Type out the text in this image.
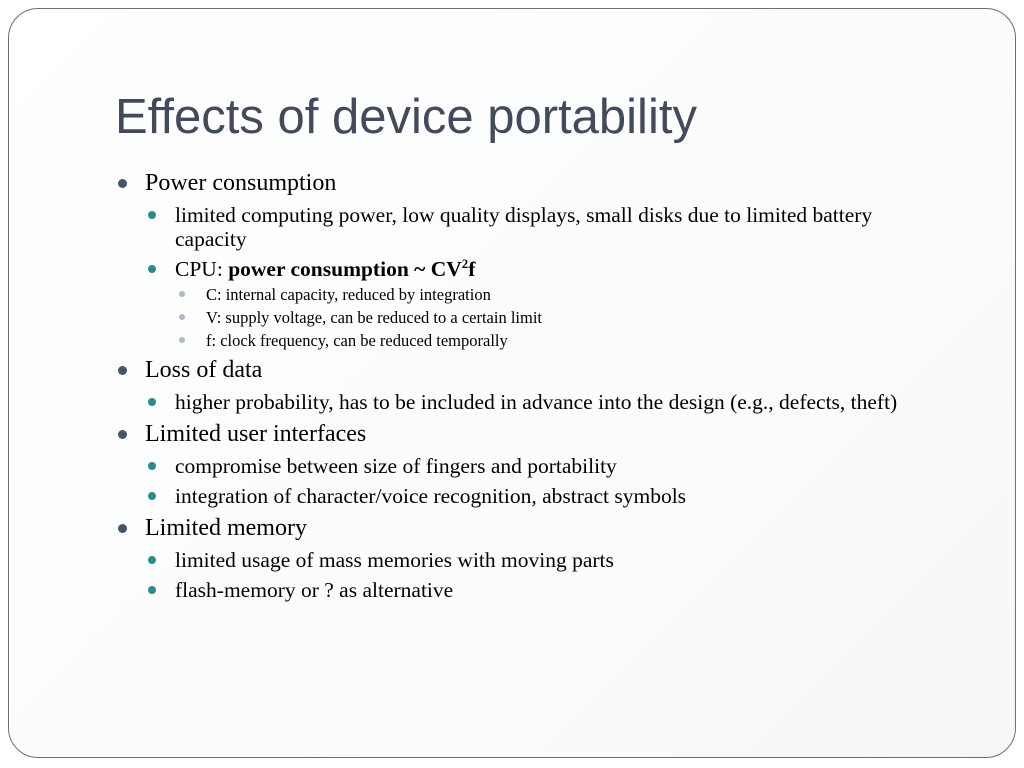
Effects of device portability

Power consumption

limited computing power, low quality displays, small disks due to limited battery capacity

CPU: power consumption ~ $CV^2f$

C: internal capacity, reduced by integration

V: supply voltage, can be reduced to a certain limit

f: clock frequency, can be reduced temporally

Loss of data

higher probability, has to be included in advance into the design (e.g., defects, theft)

Limited user interfaces

compromise between size of fingers and portability

integration of character/voice recognition, abstract symbols

Limited memory

limited usage of mass memories with moving parts

flash-memory or ? as alternative
